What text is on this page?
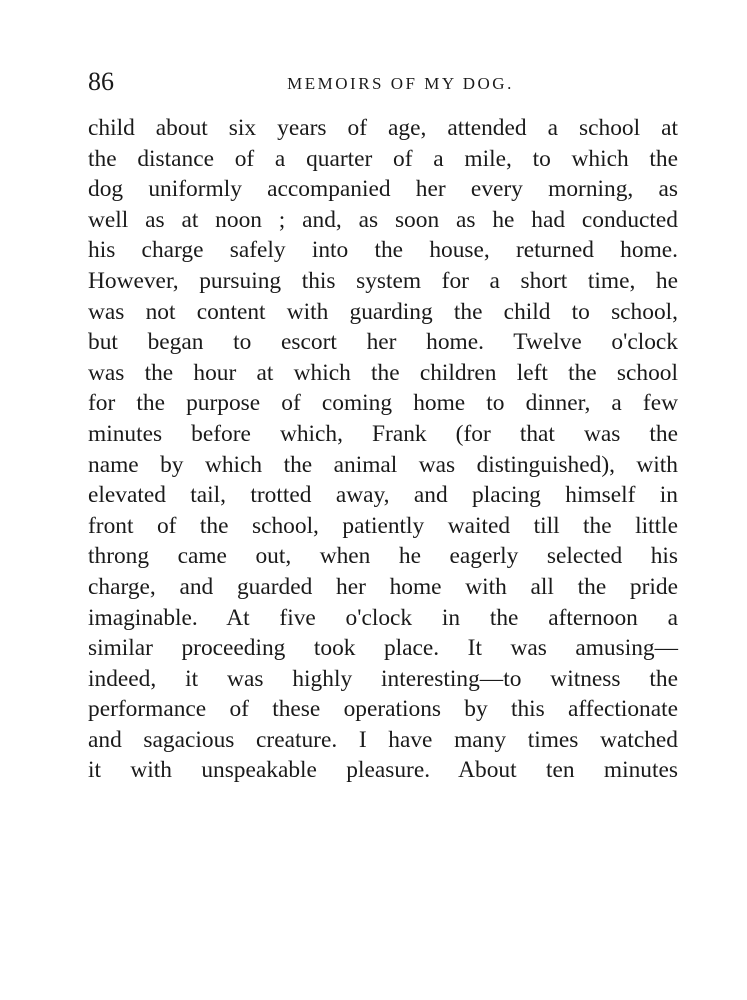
86	MEMOIRS OF MY DOG.
child about six years of age, attended a school at
the distance of a quarter of a mile, to which the
dog uniformly accompanied her every morning, as
well as at noon ; and, as soon as he had conducted
his charge safely into the house, returned home.
However, pursuing this system for a short time, he
was not content with guarding the child to school,
but began to escort her home. Twelve o'clock
was the hour at which the children left the school
for the purpose of coming home to dinner, a few
minutes before which, Frank (for that was the
name by which the animal was distinguished), with
elevated tail, trotted away, and placing himself in
front of the school, patiently waited till the little
throng came out, when he eagerly selected his
charge, and guarded her home with all the pride
imaginable. At five o'clock in the afternoon a
similar proceeding took place. It was amusing—
indeed, it was highly interesting—to witness the
performance of these operations by this affectionate
and sagacious creature. I have many times watched
it with unspeakable pleasure. About ten minutes
